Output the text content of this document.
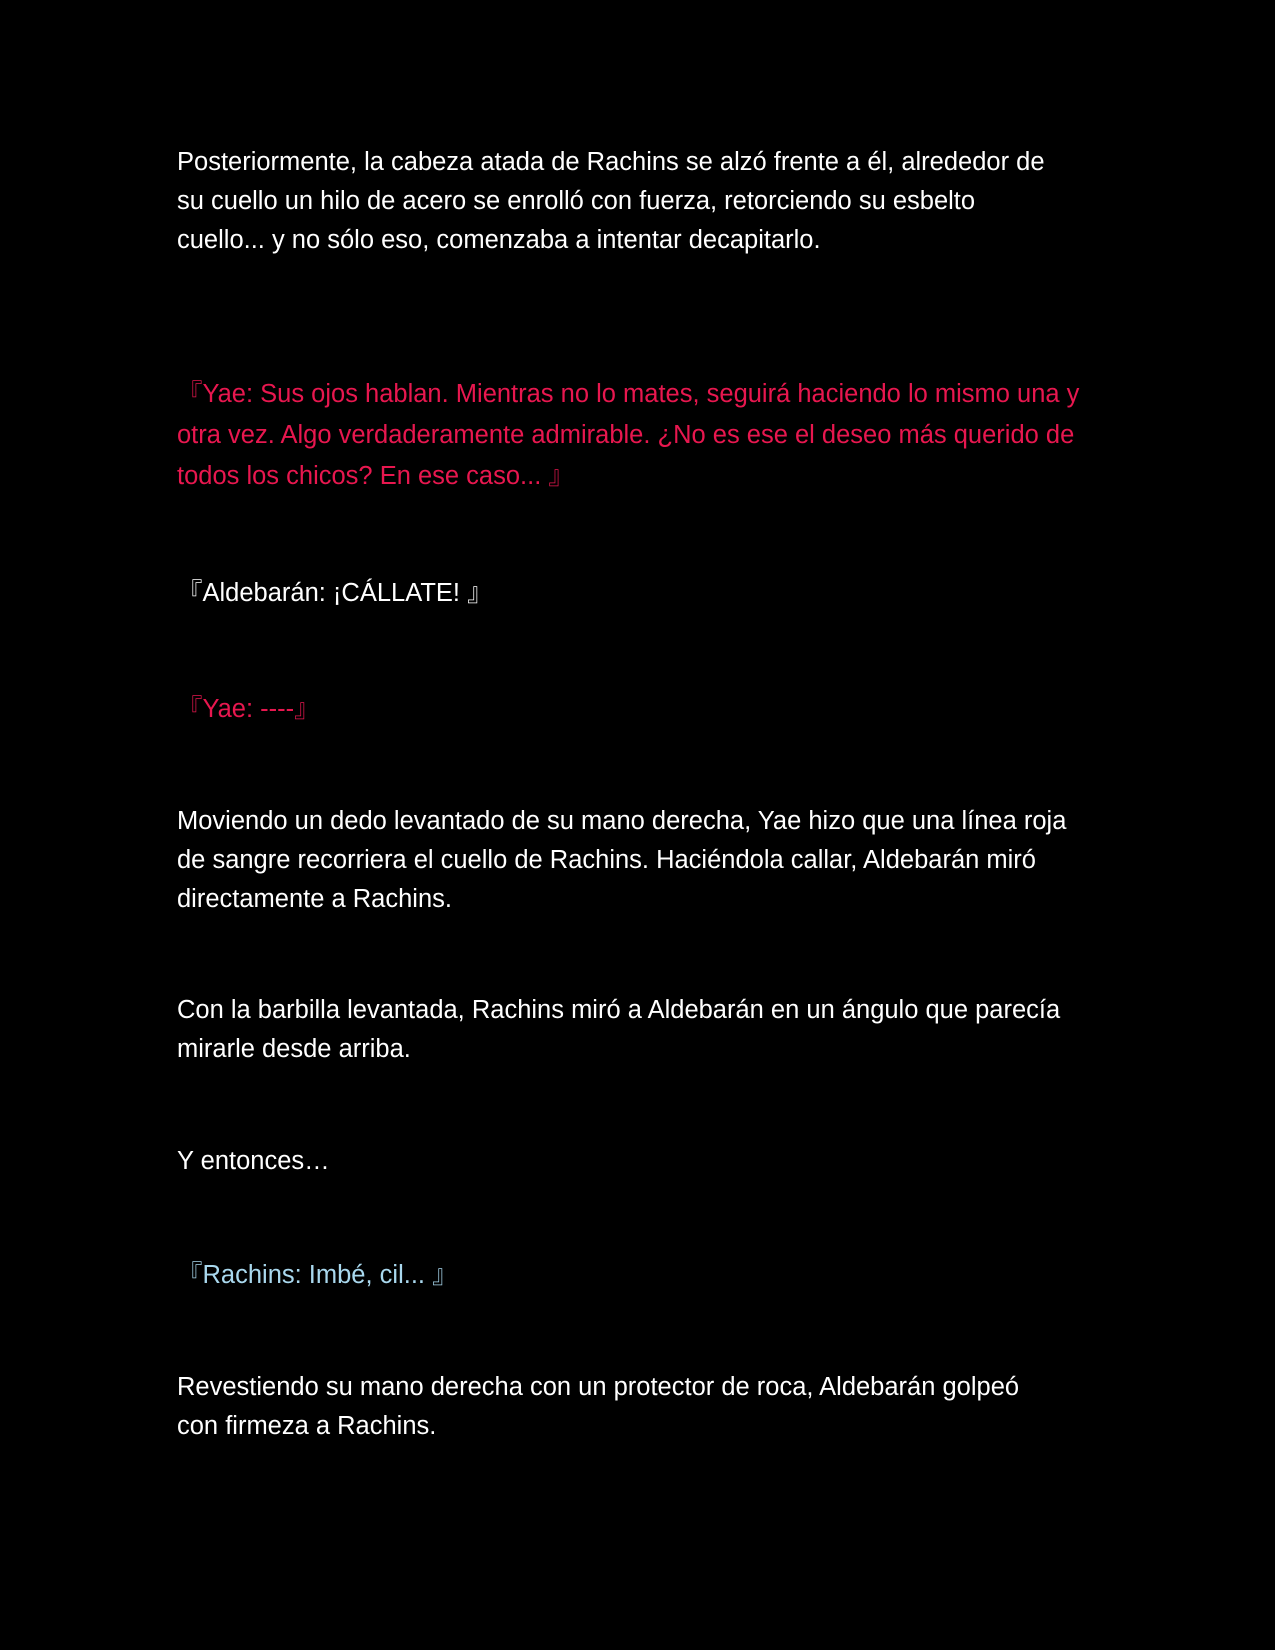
Posteriormente, la cabeza atada de Rachins se alzó frente a él, alrededor de su cuello un hilo de acero se enrolló con fuerza, retorciendo su esbelto cuello... y no sólo eso, comenzaba a intentar decapitarlo.

『Yae: Sus ojos hablan. Mientras no lo mates, seguirá haciendo lo mismo una y otra vez. Algo verdaderamente admirable. ¿No es ese el deseo más querido de todos los chicos? En ese caso... 』

『Aldebarán: ¡CÁLLATE! 』

『Yae: ----』

Moviendo un dedo levantado de su mano derecha, Yae hizo que una línea roja de sangre recorriera el cuello de Rachins. Haciéndola callar, Aldebarán miró directamente a Rachins.

Con la barbilla levantada, Rachins miró a Aldebarán en un ángulo que parecía mirarle desde arriba.

Y entonces…

『Rachins: Imbé, cil... 』

Revestiendo su mano derecha con un protector de roca, Aldebarán golpeó con firmeza a Rachins.
